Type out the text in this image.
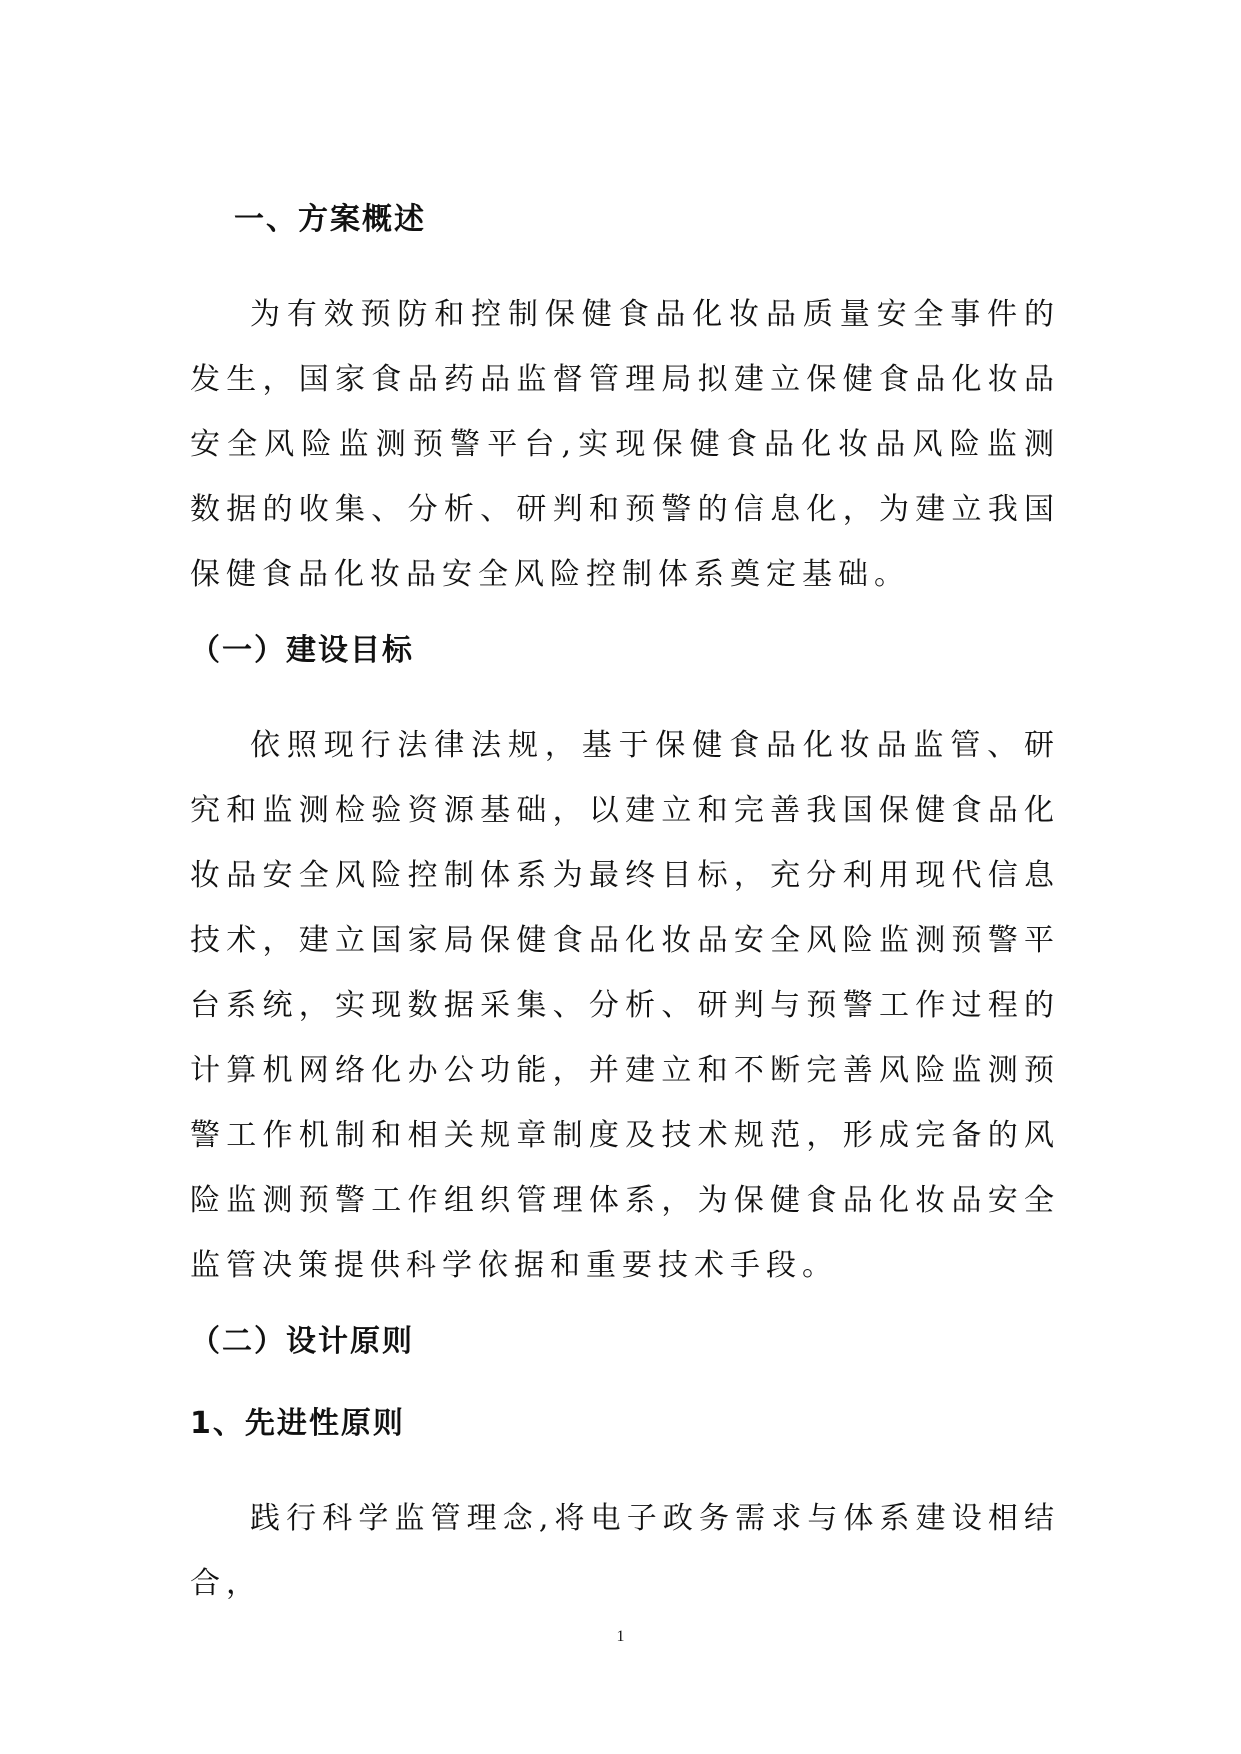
一、方案概述

为有效预防和控制保健食品化妆品质量安全事件的发生，国家食品药品监督管理局拟建立保健食品化妆品安全风险监测预警平台,实现保健食品化妆品风险监测数据的收集、分析、研判和预警的信息化，为建立我国保健食品化妆品安全风险控制体系奠定基础。

（一）建设目标

依照现行法律法规，基于保健食品化妆品监管、研究和监测检验资源基础，以建立和完善我国保健食品化妆品安全风险控制体系为最终目标，充分利用现代信息技术，建立国家局保健食品化妆品安全风险监测预警平台系统，实现数据采集、分析、研判与预警工作过程的计算机网络化办公功能，并建立和不断完善风险监测预警工作机制和相关规章制度及技术规范，形成完备的风险监测预警工作组织管理体系，为保健食品化妆品安全监管决策提供科学依据和重要技术手段。

（二）设计原则
1、先进性原则

践行科学监管理念,将电子政务需求与体系建设相结合，

1
